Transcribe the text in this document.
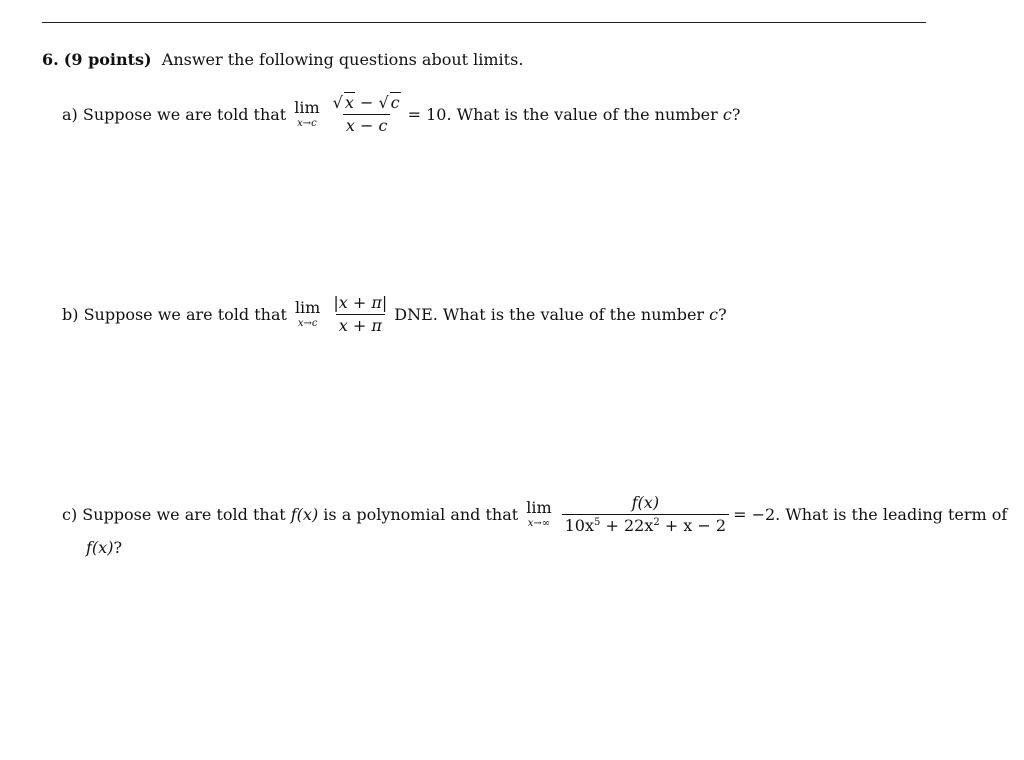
6.
(9 points)
Answer the following questions about limits.
a)
Suppose we are told that lim
$x\to c \frac{√ x - √ c}{x - c} = 10$. What is the value of the number
c ?
b)
Suppose we are told that lim
$x\to c \frac{|x + \pi|}{x + \pi}$ DNE. What is the value of the number
c ?
c)
Suppose we are told that
f(x)
is a polynomial and that lim
$x\to\infty \frac{f(x)}{10x^5 + 22x^2 + x - 2} = -2$. What is the leading term of
f(x) ?
